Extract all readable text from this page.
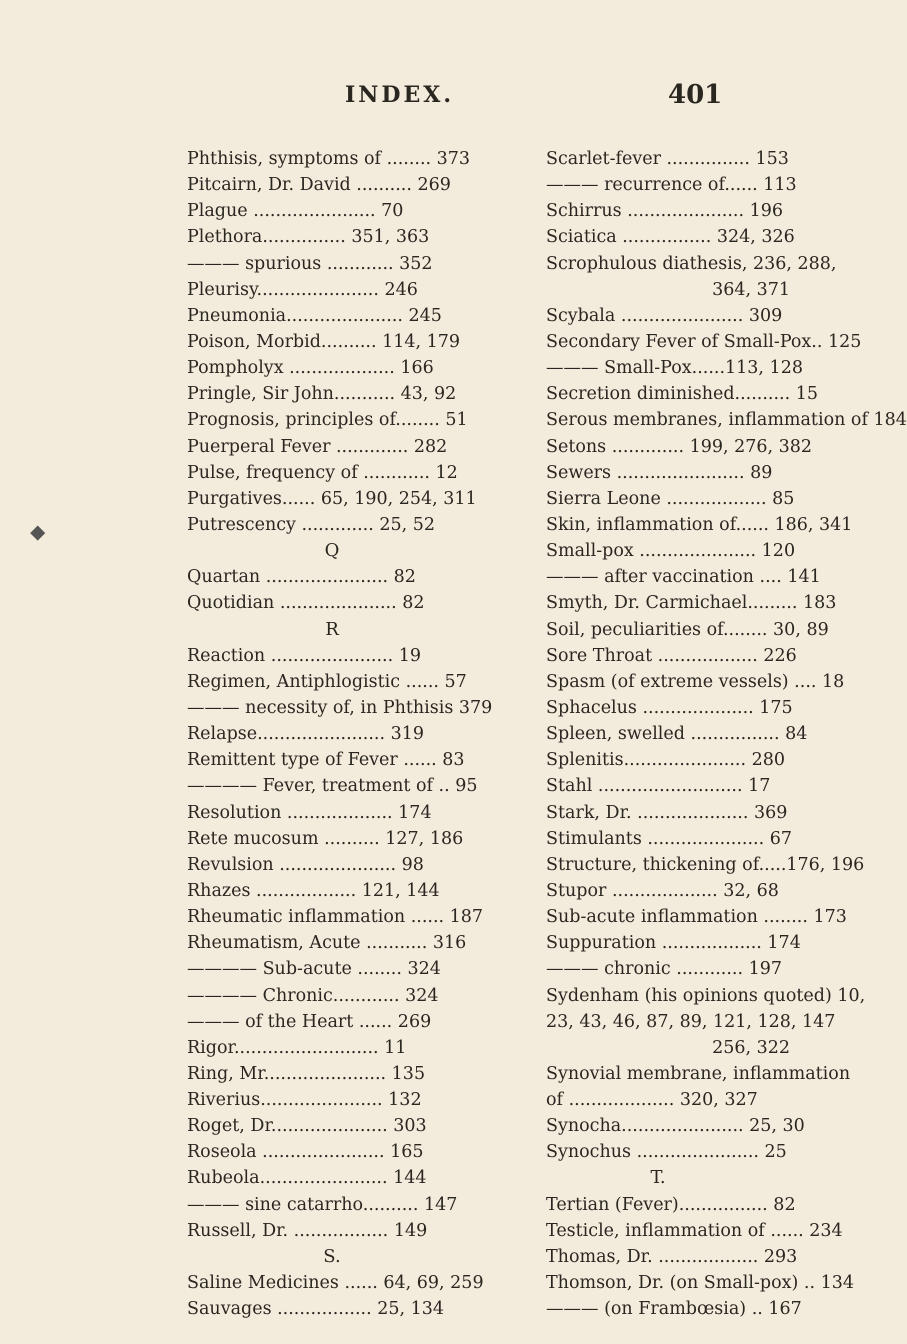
INDEX.	401
Phthisis, symptoms of ........ 373
Pitcairn, Dr. David .......... 269
Plague ...................... 70
Plethora............... 351, 363
——— spurious ............ 352
Pleurisy...................... 246
Pneumonia..................... 245
Poison, Morbid.......... 114, 179
Pompholyx ................... 166
Pringle, Sir John........... 43, 92
Prognosis, principles of........ 51
Puerperal Fever ............. 282
Pulse, frequency of ............ 12
Purgatives...... 65, 190, 254, 311
Putrescency ............. 25, 52
Q
Quartan ...................... 82
Quotidian ..................... 82
R
Reaction ...................... 19
Regimen, Antiphlogistic ...... 57
——— necessity of, in Phthisis 379
Relapse....................... 319
Remittent type of Fever ...... 83
———— Fever, treatment of .. 95
Resolution ................... 174
Rete mucosum .......... 127, 186
Revulsion ..................... 98
Rhazes .................. 121, 144
Rheumatic inflammation ...... 187
Rheumatism, Acute ........... 316
———— Sub-acute ........ 324
———— Chronic............ 324
——— of the Heart ...... 269
Rigor.......................... 11
Ring, Mr...................... 135
Riverius...................... 132
Roget, Dr..................... 303
Roseola ...................... 165
Rubeola....................... 144
——— sine catarrho.......... 147
Russell, Dr. ................. 149
S.
Saline Medicines ...... 64, 69, 259
Sauvages ................. 25, 134
Scarlet-fever ............... 153
——— recurrence of...... 113
Schirrus ..................... 196
Sciatica ................ 324, 326
Scrophulous diathesis, 236, 288,
364, 371
Scybala ...................... 309
Secondary Fever of Small-Pox.. 125
——— Small-Pox......113, 128
Secretion diminished.......... 15
Serous membranes, inflammation of 184
Setons ............. 199, 276, 382
Sewers ....................... 89
Sierra Leone .................. 85
Skin, inflammation of...... 186, 341
Small-pox ..................... 120
——— after vaccination .... 141
Smyth, Dr. Carmichael......... 183
Soil, peculiarities of........ 30, 89
Sore Throat .................. 226
Spasm (of extreme vessels) .... 18
Sphacelus .................... 175
Spleen, swelled ................ 84
Splenitis...................... 280
Stahl .......................... 17
Stark, Dr. .................... 369
Stimulants ..................... 67
Structure, thickening of.....176, 196
Stupor ................... 32, 68
Sub-acute inflammation ........ 173
Suppuration .................. 174
——— chronic ............ 197
Sydenham (his opinions quoted) 10,
23, 43, 46, 87, 89, 121, 128, 147
256, 322
Synovial membrane, inflammation
of ................... 320, 327
Synocha...................... 25, 30
Synochus ...................... 25
T.
Tertian (Fever)................ 82
Testicle, inflammation of ...... 234
Thomas, Dr. .................. 293
Thomson, Dr. (on Small-pox) .. 134
——— (on Frambœsia) .. 167
⬥
